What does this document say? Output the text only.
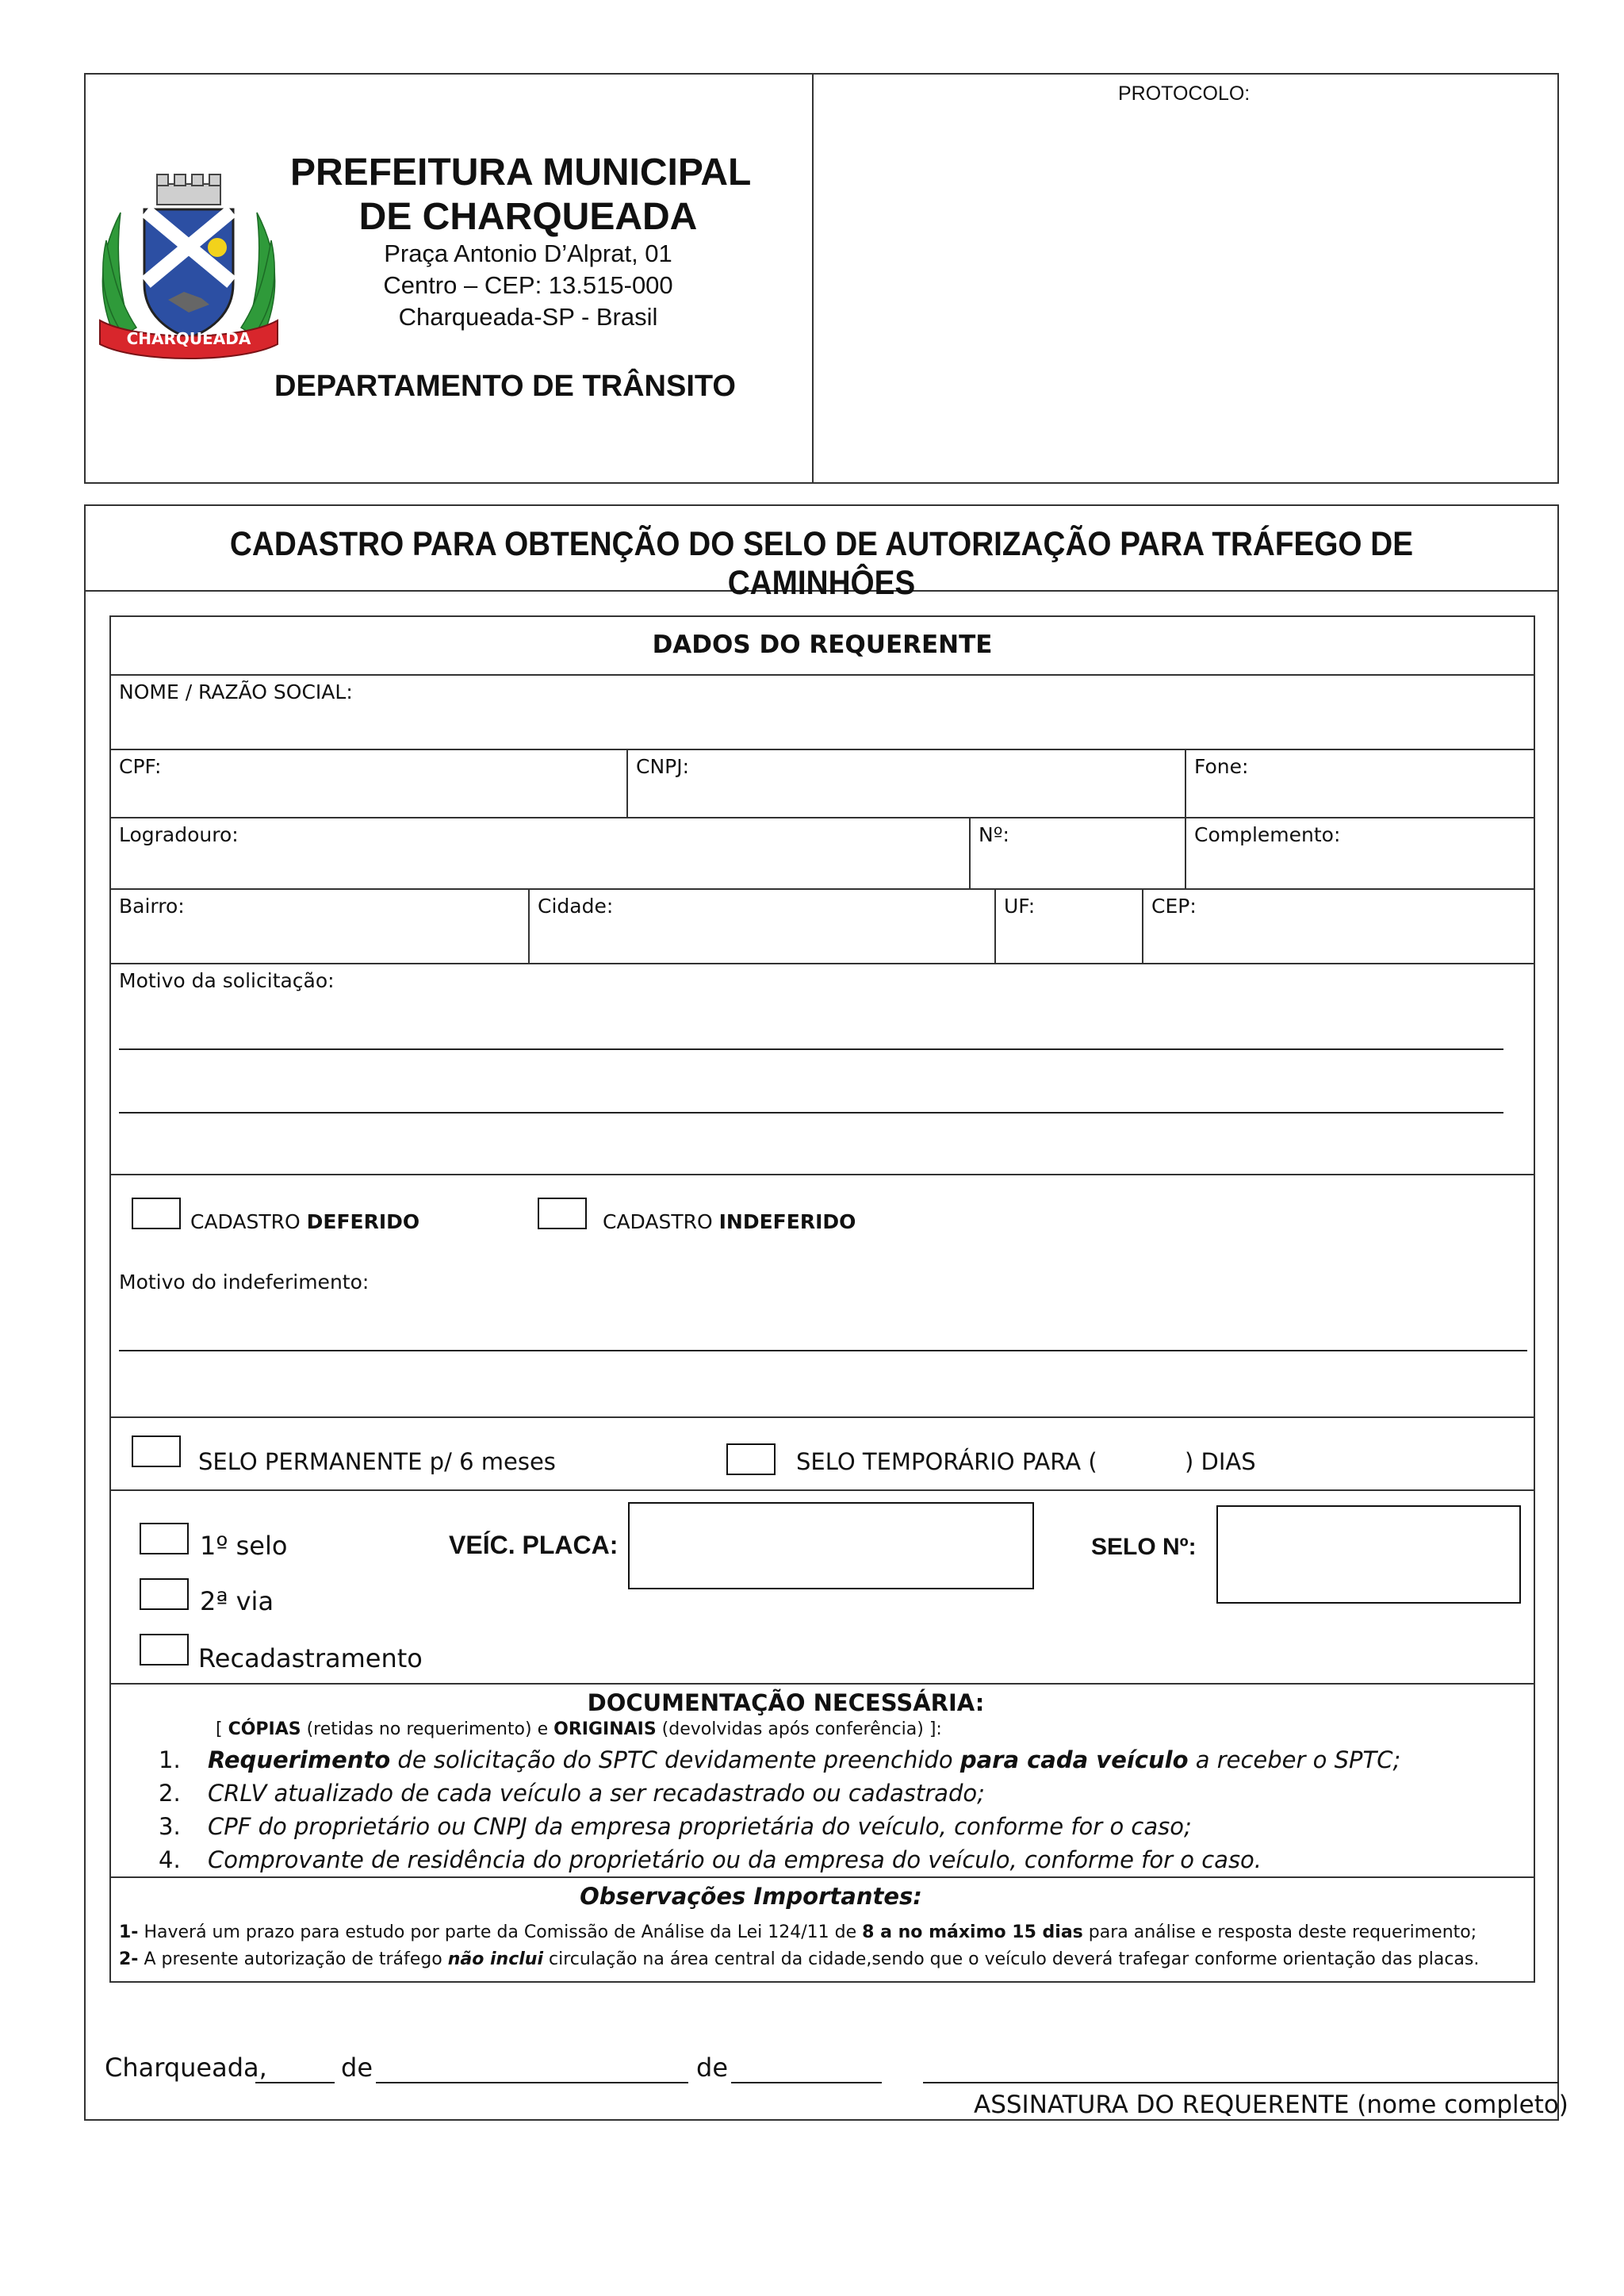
PROTOCOLO:
CHARQUEADA
PREFEITURA MUNICIPAL
DE CHARQUEADA
Praça Antonio D’Alprat, 01
Centro – CEP: 13.515-000
Charqueada-SP - Brasil
DEPARTAMENTO DE TRÂNSITO
CADASTRO PARA OBTENÇÃO DO SELO DE AUTORIZAÇÃO PARA TRÁFEGO DE CAMINHÔES
DADOS DO REQUERENTE
NOME / RAZÃO SOCIAL:
CPF:	CNPJ:	Fone:
Logradouro:	Nº:	Complemento:
Bairro:	Cidade:	UF:	CEP:
Motivo da solicitação:
CADASTRO DEFERIDO	CADASTRO INDEFERIDO
Motivo do indeferimento:
SELO PERMANENTE p/ 6 meses	SELO TEMPORÁRIO PARA (	) DIAS
1º selo
2ª via
Recadastramento
VEÍC. PLACA:	SELO Nº:
DOCUMENTAÇÃO NECESSÁRIA:
[ CÓPIAS (retidas no requerimento) e ORIGINAIS (devolvidas após conferência) ]:
1. Requerimento de solicitação do SPTC devidamente preenchido para cada veículo a receber o SPTC;
2. CRLV atualizado de cada veículo a ser recadastrado ou cadastrado;
3. CPF do proprietário ou CNPJ da empresa proprietária do veículo, conforme for o caso;
4. Comprovante de residência do proprietário ou da empresa do veículo, conforme for o caso.
Observações Importantes:
1- Haverá um prazo para estudo por parte da Comissão de Análise da Lei 124/11 de 8 a no máximo 15 dias para análise e resposta deste requerimento;
2- A presente autorização de tráfego não inclui circulação na área central da cidade,sendo que o veículo deverá trafegar conforme orientação das placas.
Charqueada,	de	de
ASSINATURA DO REQUERENTE (nome completo)
